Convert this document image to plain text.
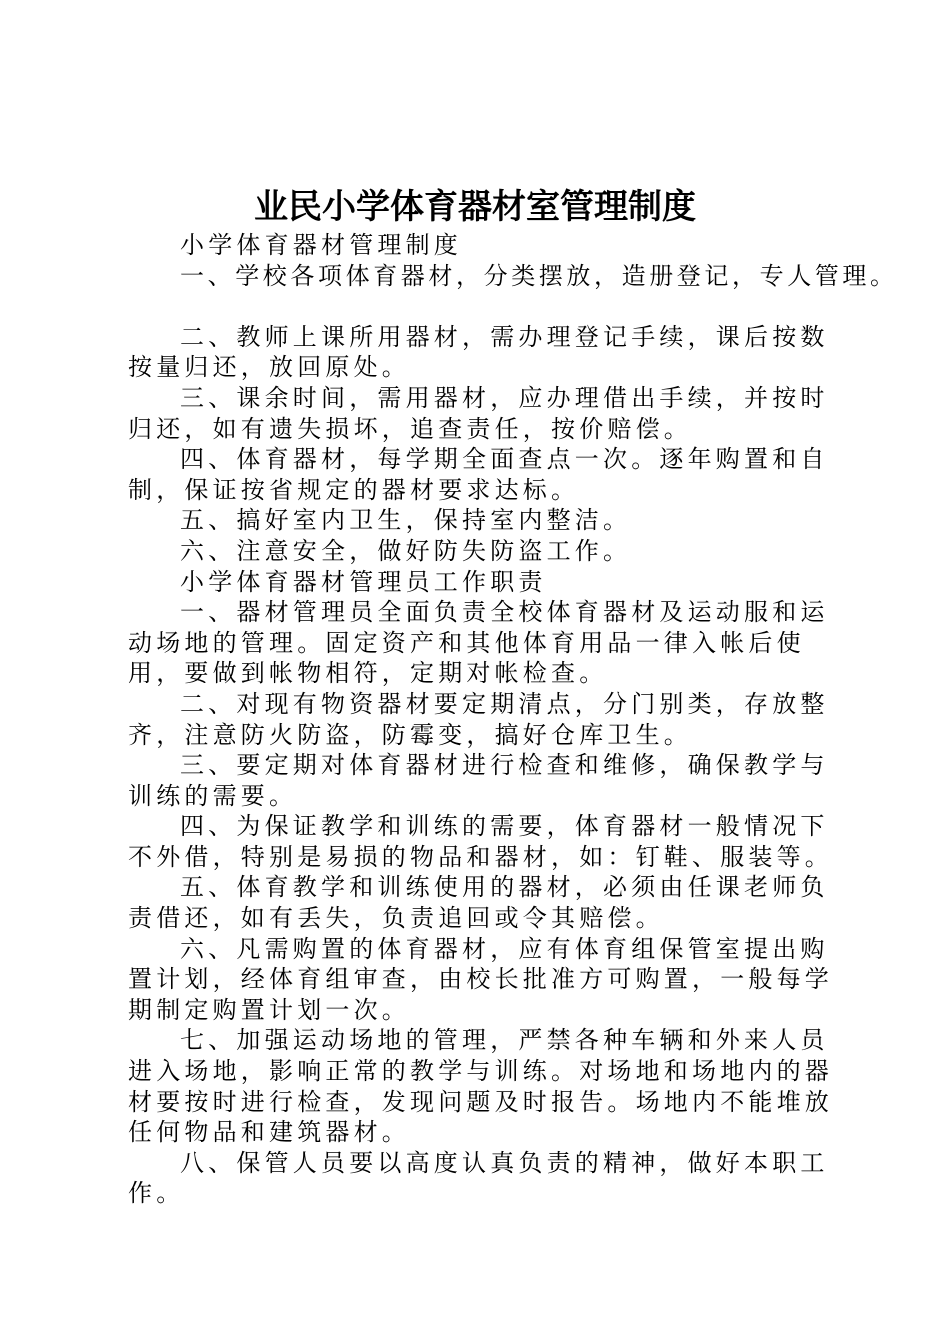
业民小学体育器材室管理制度

小学体育器材管理制度

一、学校各项体育器材，分类摆放，造册登记，专人管理。

二、教师上课所用器材，需办理登记手续，课后按数按量归还，放回原处。

三、课余时间，需用器材，应办理借出手续，并按时归还，如有遗失损坏，追查责任，按价赔偿。

四、体育器材，每学期全面查点一次。逐年购置和自制，保证按省规定的器材要求达标。

五、搞好室内卫生，保持室内整洁。

六、注意安全，做好防失防盗工作。

小学体育器材管理员工作职责

一、器材管理员全面负责全校体育器材及运动服和运动场地的管理。固定资产和其他体育用品一律入帐后使用，要做到帐物相符，定期对帐检查。

二、对现有物资器材要定期清点，分门别类，存放整齐，注意防火防盗，防霉变，搞好仓库卫生。

三、要定期对体育器材进行检查和维修，确保教学与训练的需要。

四、为保证教学和训练的需要，体育器材一般情况下不外借，特别是易损的物品和器材，如：钉鞋、服装等。

五、体育教学和训练使用的器材，必须由任课老师负责借还，如有丢失，负责追回或令其赔偿。

六、凡需购置的体育器材，应有体育组保管室提出购置计划，经体育组审查，由校长批准方可购置，一般每学期制定购置计划一次。

七、加强运动场地的管理，严禁各种车辆和外来人员进入场地，影响正常的教学与训练。对场地和场地内的器材要按时进行检查，发现问题及时报告。场地内不能堆放任何物品和建筑器材。

八、保管人员要以高度认真负责的精神，做好本职工作。
